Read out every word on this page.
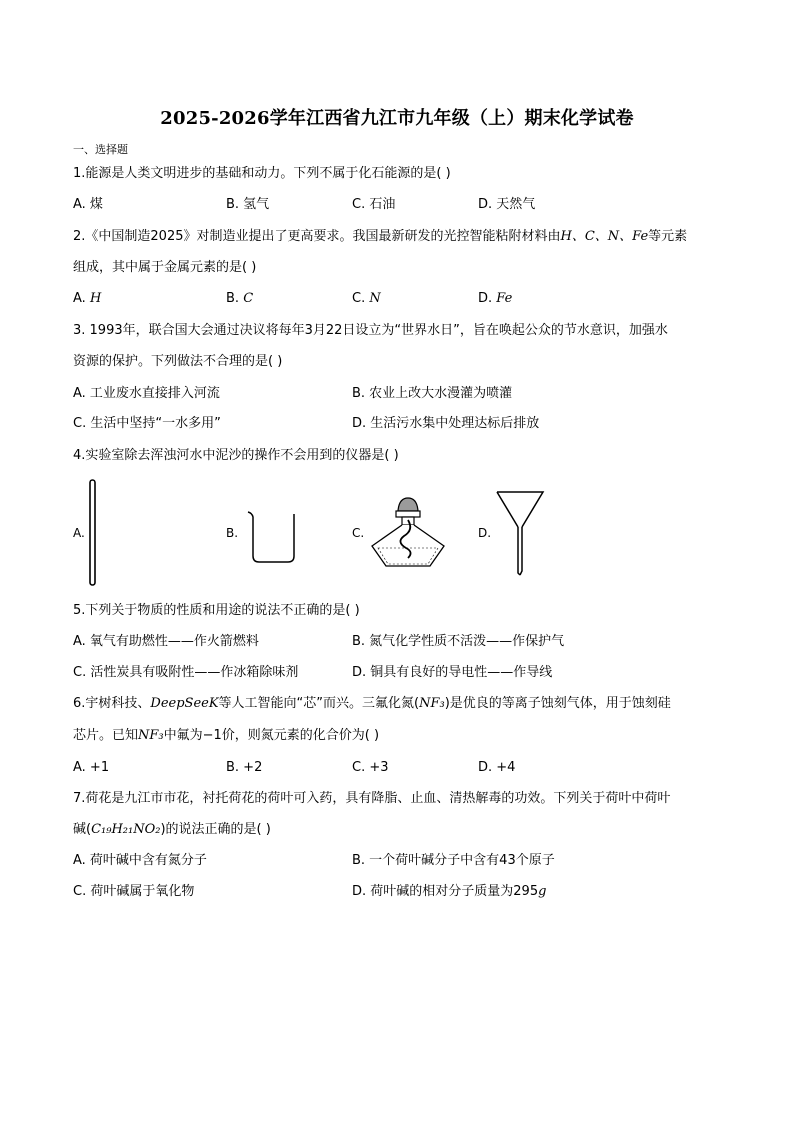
2025-2026学年江西省九江市九年级（上）期末化学试卷
一、选择题
1.能源是人类文明进步的基础和动力。下列不属于化石能源的是( )
A. 煤	B. 氢气	C. 石油	D. 天然气
2.《中国制造2025》对制造业提出了更高要求。我国最新研发的光控智能粘附材料由H、C、N、Fe等元素
组成，其中属于金属元素的是( )
A. H	B. C	C. N	D. Fe
3. 1993年，联合国大会通过决议将每年3月22日设立为“世界水日”，旨在唤起公众的节水意识，加强水
资源的保护。下列做法不合理的是( )
A. 工业废水直接排入河流	B. 农业上改大水漫灌为喷灌
C. 生活中坚持“一水多用”	D. 生活污水集中处理达标后排放
4.实验室除去浑浊河水中泥沙的操作不会用到的仪器是( )
A.	B.	C.	D.
5.下列关于物质的性质和用途的说法不正确的是( )
A. 氧气有助燃性——作火箭燃料	B. 氮气化学性质不活泼——作保护气
C. 活性炭具有吸附性——作冰箱除味剂	D. 铜具有良好的导电性——作导线
6.宇树科技、DeepSeeK等人工智能向“芯”而兴。三氟化氮(NF₃)是优良的等离子蚀刻气体，用于蚀刻硅
芯片。已知NF₃中氟为−1价，则氮元素的化合价为( )
A. +1	B. +2	C. +3	D. +4
7.荷花是九江市市花，衬托荷花的荷叶可入药，具有降脂、止血、清热解毒的功效。下列关于荷叶中荷叶
碱(C₁₉H₂₁NO₂)的说法正确的是( )
A. 荷叶碱中含有氮分子	B. 一个荷叶碱分子中含有43个原子
C. 荷叶碱属于氧化物	D. 荷叶碱的相对分子质量为295g
